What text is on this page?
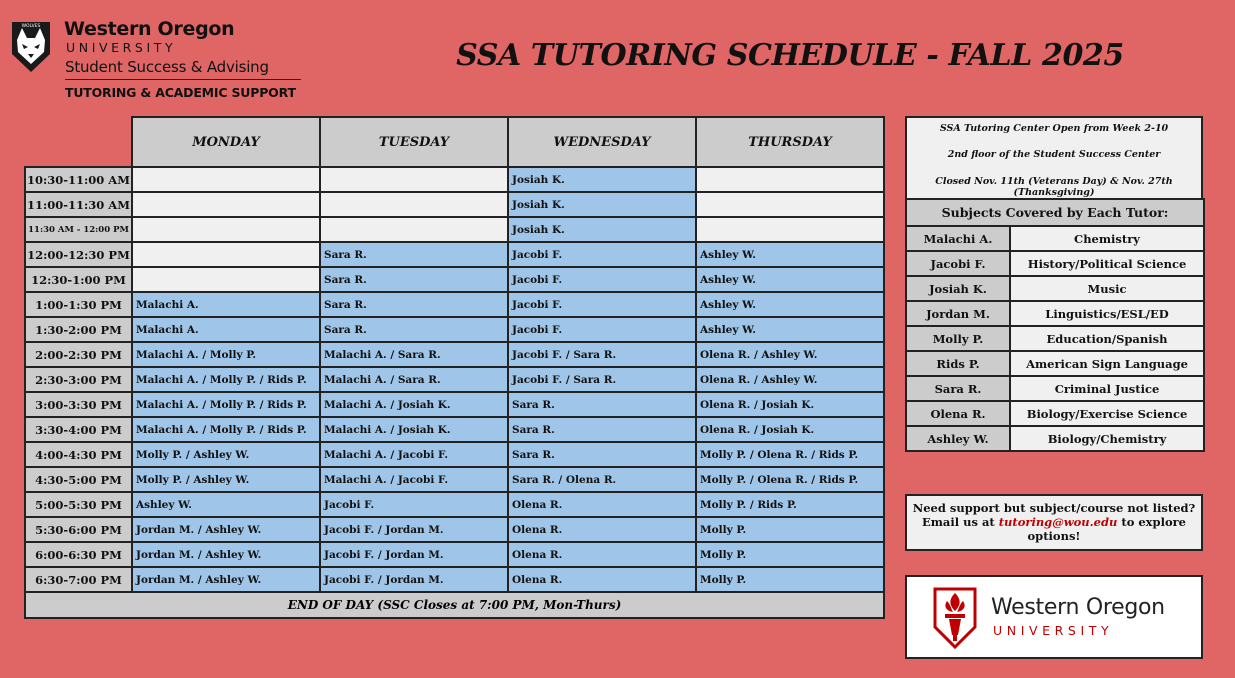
WOLVES Western Oregon
UNIVERSITY
Student Success & Advising
TUTORING & ACADEMIC SUPPORT
SSA TUTORING SCHEDULE - FALL 2025
	MONDAY	TUESDAY	WEDNESDAY	THURSDAY
10:30-11:00 AM			Josiah K.	
11:00-11:30 AM			Josiah K.	
11:30 AM - 12:00 PM			Josiah K.	
12:00-12:30 PM		Sara R.	Jacobi F.	Ashley W.
12:30-1:00 PM		Sara R.	Jacobi F.	Ashley W.
1:00-1:30 PM	Malachi A.	Sara R.	Jacobi F.	Ashley W.
1:30-2:00 PM	Malachi A.	Sara R.	Jacobi F.	Ashley W.
2:00-2:30 PM	Malachi A. / Molly P.	Malachi A. / Sara R.	Jacobi F. / Sara R.	Olena R. / Ashley W.
2:30-3:00 PM	Malachi A. / Molly P. / Rids P.	Malachi A. / Sara R.	Jacobi F. / Sara R.	Olena R. / Ashley W.
3:00-3:30 PM	Malachi A. / Molly P. / Rids P.	Malachi A. / Josiah K.	Sara R.	Olena R. / Josiah K.
3:30-4:00 PM	Malachi A. / Molly P. / Rids P.	Malachi A. / Josiah K.	Sara R.	Olena R. / Josiah K.
4:00-4:30 PM	Molly P. / Ashley W.	Malachi A. / Jacobi F.	Sara R.	Molly P. / Olena R. / Rids P.
4:30-5:00 PM	Molly P. / Ashley W.	Malachi A. / Jacobi F.	Sara R. / Olena R.	Molly P. / Olena R. / Rids P.
5:00-5:30 PM	Ashley W.	Jacobi F.	Olena R.	Molly P. / Rids P.
5:30-6:00 PM	Jordan M. / Ashley W.	Jacobi F. / Jordan M.	Olena R.	Molly P.
6:00-6:30 PM	Jordan M. / Ashley W.	Jacobi F. / Jordan M.	Olena R.	Molly P.
6:30-7:00 PM	Jordan M. / Ashley W.	Jacobi F. / Jordan M.	Olena R.	Molly P.
END OF DAY (SSC Closes at 7:00 PM, Mon-Thurs)				
SSA Tutoring Center Open from Week 2-10
2nd floor of the Student Success Center
Closed Nov. 11th (Veterans Day) & Nov. 27th
(Thanksgiving)
Subjects Covered by Each Tutor:	
Malachi A.	Chemistry
Jacobi F.	History/Political Science
Josiah K.	Music
Jordan M.	Linguistics/ESL/ED
Molly P.	Education/Spanish
Rids P.	American Sign Language
Sara R.	Criminal Justice
Olena R.	Biology/Exercise Science
Ashley W.	Biology/Chemistry
Need support but subject/course not listed?
Email us at tutoring@wou.edu to explore
options!
Western Oregon
UNIVERSITY
